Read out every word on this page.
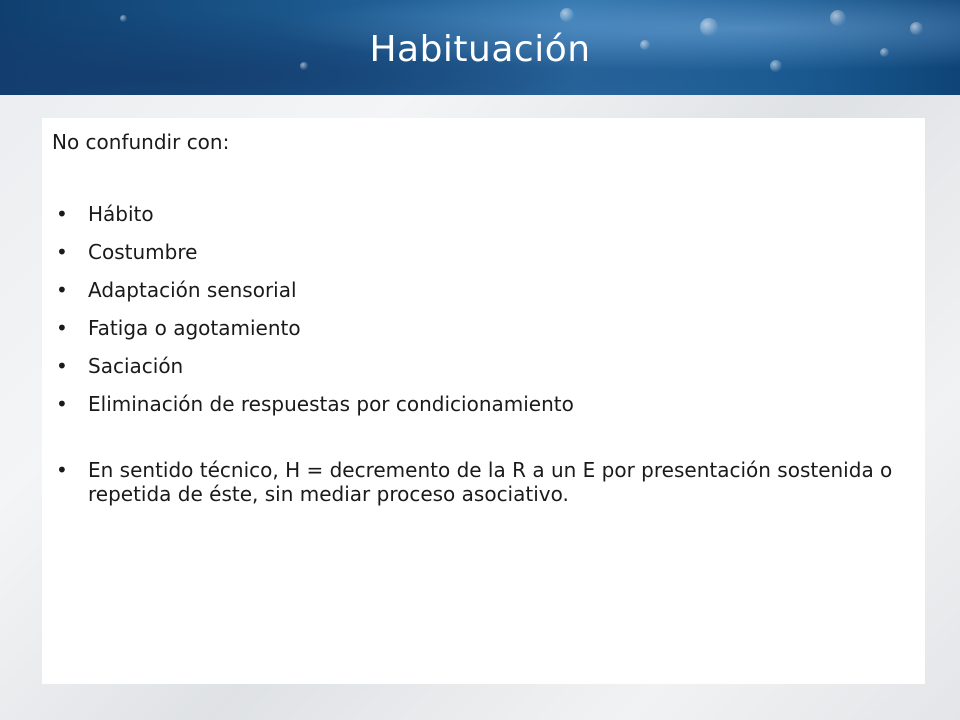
Habituación

No confundir con:

• Hábito
• Costumbre
• Adaptación sensorial
• Fatiga o agotamiento
• Saciación
• Eliminación de respuestas por condicionamiento
• En sentido técnico, H = decremento de la R a un E por presentación sostenida o repetida de éste, sin mediar proceso asociativo.
